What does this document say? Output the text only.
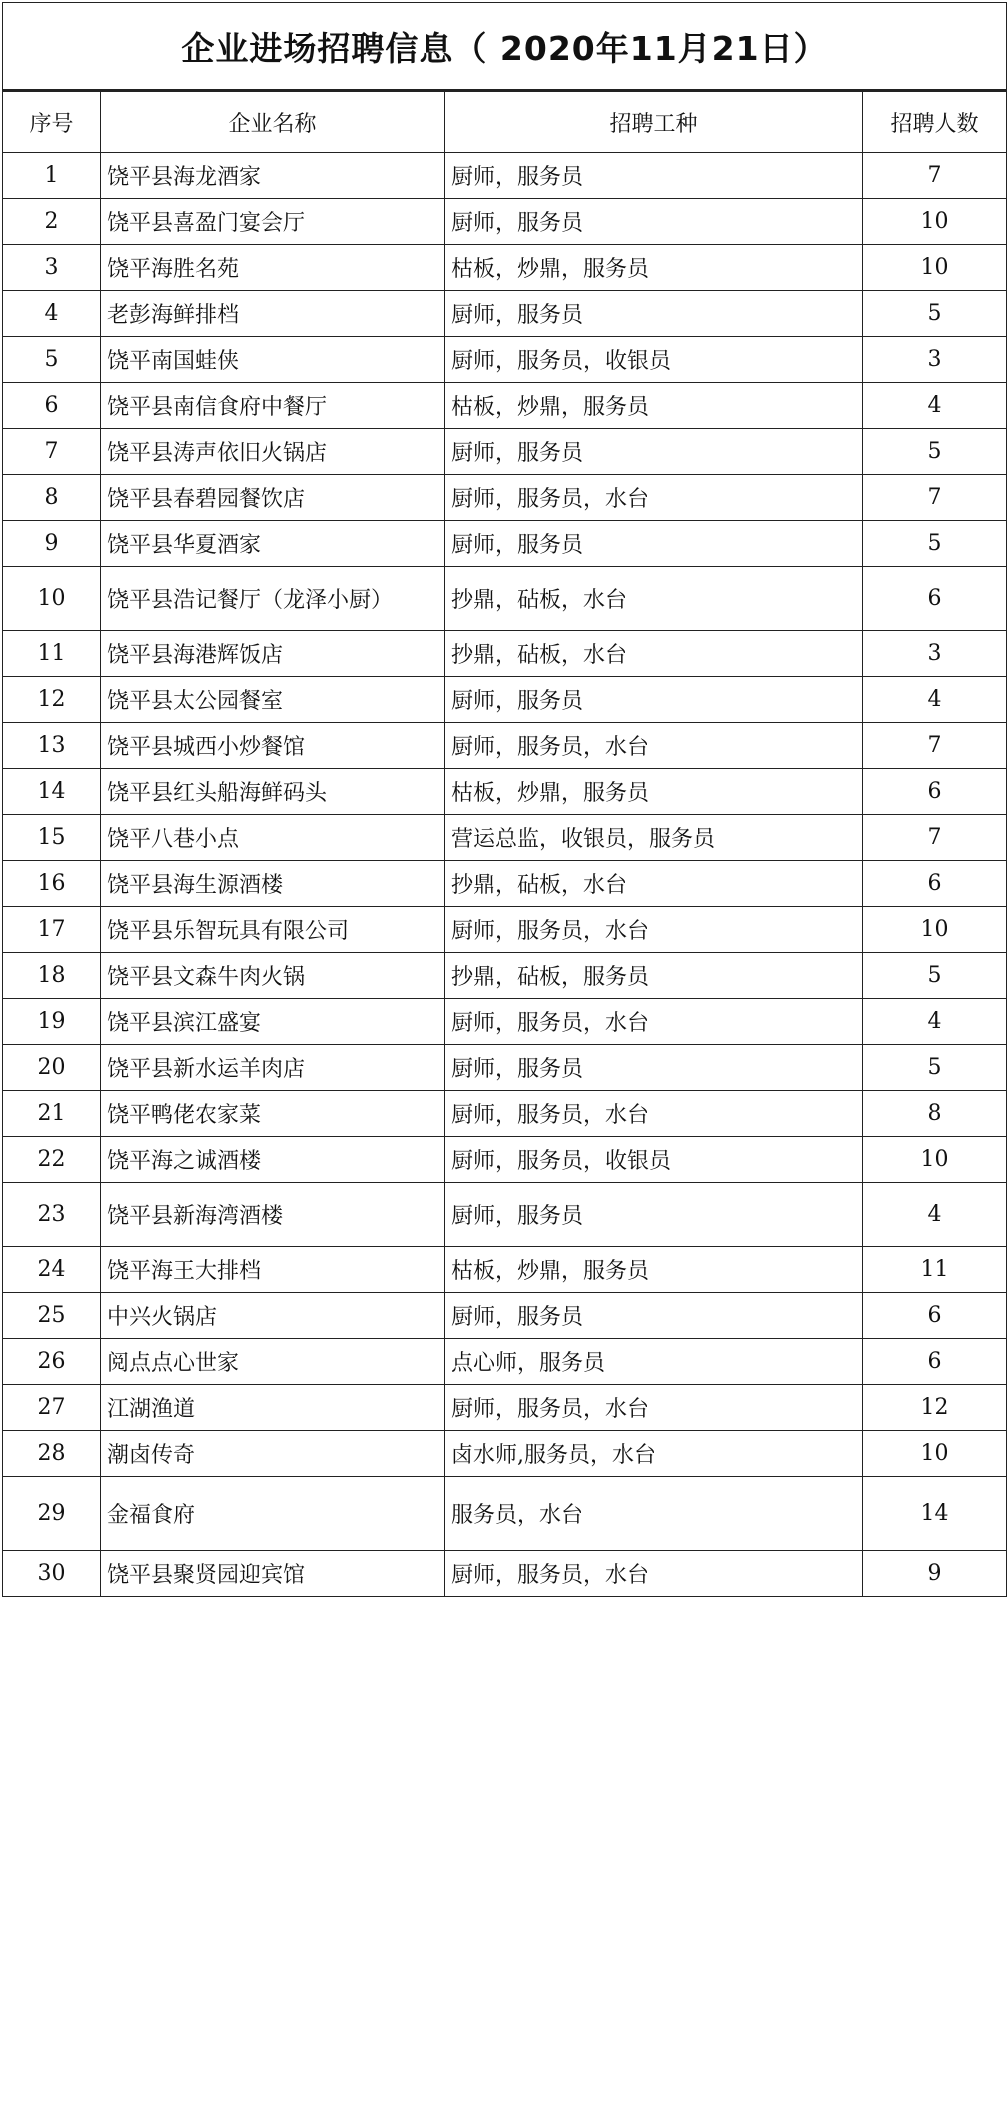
企业进场招聘信息（ 2020年11月21日）			
序号	企业名称	招聘工种	招聘人数
1	饶平县海龙酒家	厨师，服务员	7
2	饶平县喜盈门宴会厅	厨师，服务员	10
3	饶平海胜名苑	枯板，炒鼎，服务员	10
4	老彭海鲜排档	厨师，服务员	5
5	饶平南国蛙侠	厨师，服务员，收银员	3
6	饶平县南信食府中餐厅	枯板，炒鼎，服务员	4
7	饶平县涛声依旧火锅店	厨师，服务员	5
8	饶平县春碧园餐饮店	厨师，服务员，水台	7
9	饶平县华夏酒家	厨师，服务员	5
10	饶平县浩记餐厅（龙泽小厨）	抄鼎，砧板，水台	6
11	饶平县海港辉饭店	抄鼎，砧板，水台	3
12	饶平县太公园餐室	厨师，服务员	4
13	饶平县城西小炒餐馆	厨师，服务员，水台	7
14	饶平县红头船海鲜码头	枯板，炒鼎，服务员	6
15	饶平八巷小点	营运总监，收银员，服务员	7
16	饶平县海生源酒楼	抄鼎，砧板，水台	6
17	饶平县乐智玩具有限公司	厨师，服务员，水台	10
18	饶平县文森牛肉火锅	抄鼎，砧板，服务员	5
19	饶平县滨江盛宴	厨师，服务员，水台	4
20	饶平县新水运羊肉店	厨师，服务员	5
21	饶平鸭佬农家菜	厨师，服务员，水台	8
22	饶平海之诚酒楼	厨师，服务员，收银员	10
23	饶平县新海湾酒楼	厨师，服务员	4
24	饶平海王大排档	枯板，炒鼎，服务员	11
25	中兴火锅店	厨师，服务员	6
26	阅点点心世家	点心师，服务员	6
27	江湖渔道	厨师，服务员，水台	12
28	潮卤传奇	卤水师,服务员，水台	10
29	金福食府	服务员，水台	14
30	饶平县聚贤园迎宾馆	厨师，服务员，水台	9
